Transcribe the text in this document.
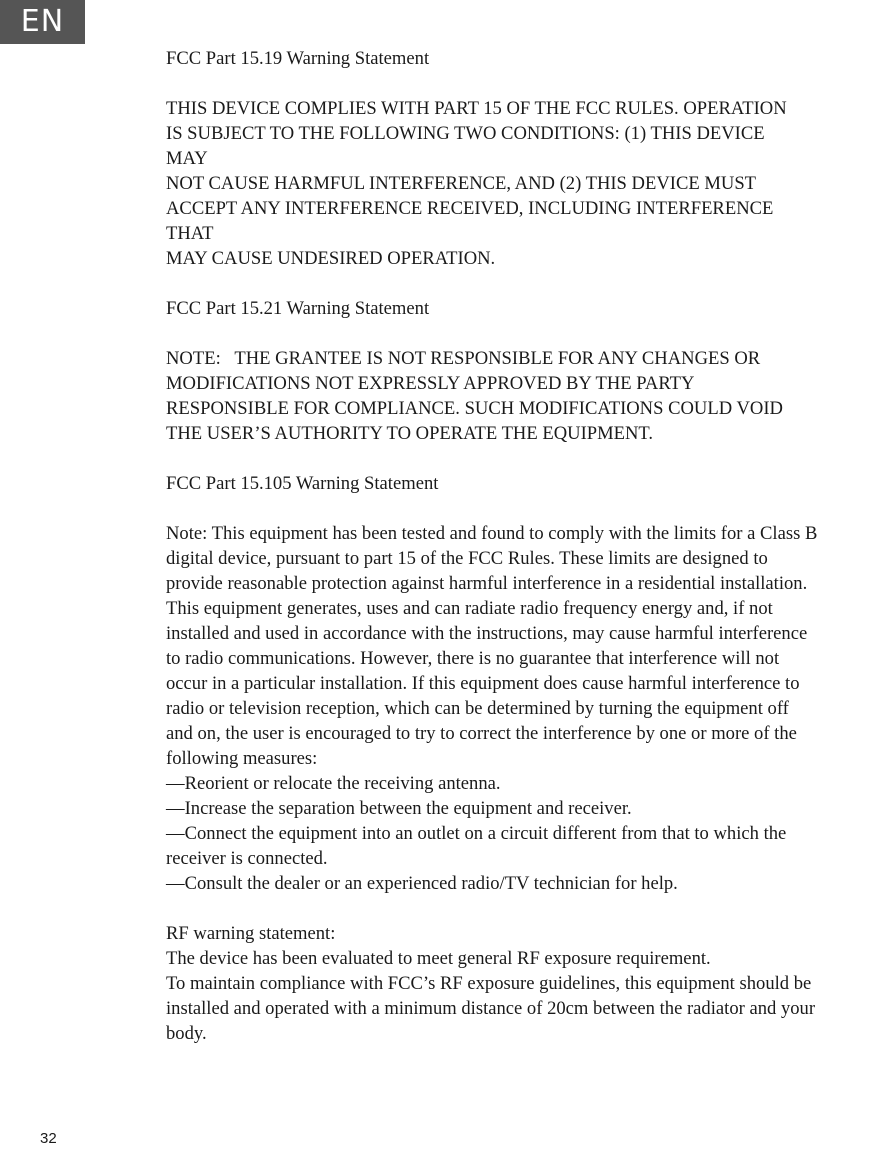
EN
FCC Part 15.19 Warning Statement
THIS DEVICE COMPLIES WITH PART 15 OF THE FCC RULES. OPERATION
IS SUBJECT TO THE FOLLOWING TWO CONDITIONS: (1) THIS DEVICE
MAY
NOT CAUSE HARMFUL INTERFERENCE, AND (2) THIS DEVICE MUST
ACCEPT ANY INTERFERENCE RECEIVED, INCLUDING INTERFERENCE
THAT
MAY CAUSE UNDESIRED OPERATION.
FCC Part 15.21 Warning Statement
NOTE:   THE GRANTEE IS NOT RESPONSIBLE FOR ANY CHANGES OR
MODIFICATIONS NOT EXPRESSLY APPROVED BY THE PARTY
RESPONSIBLE FOR COMPLIANCE. SUCH MODIFICATIONS COULD VOID
THE USER’S AUTHORITY TO OPERATE THE EQUIPMENT.
FCC Part 15.105 Warning Statement
Note: This equipment has been tested and found to comply with the limits for a Class B
digital device, pursuant to part 15 of the FCC Rules. These limits are designed to
provide reasonable protection against harmful interference in a residential installation.
This equipment generates, uses and can radiate radio frequency energy and, if not
installed and used in accordance with the instructions, may cause harmful interference
to radio communications. However, there is no guarantee that interference will not
occur in a particular installation. If this equipment does cause harmful interference to
radio or television reception, which can be determined by turning the equipment off
and on, the user is encouraged to try to correct the interference by one or more of the
following measures:
—Reorient or relocate the receiving antenna.
—Increase the separation between the equipment and receiver.
—Connect the equipment into an outlet on a circuit different from that to which the
receiver is connected.
—Consult the dealer or an experienced radio/TV technician for help.
RF warning statement:
The device has been evaluated to meet general RF exposure requirement.
To maintain compliance with FCC’s RF exposure guidelines, this equipment should be
installed and operated with a minimum distance of 20cm between the radiator and your
body.
32
